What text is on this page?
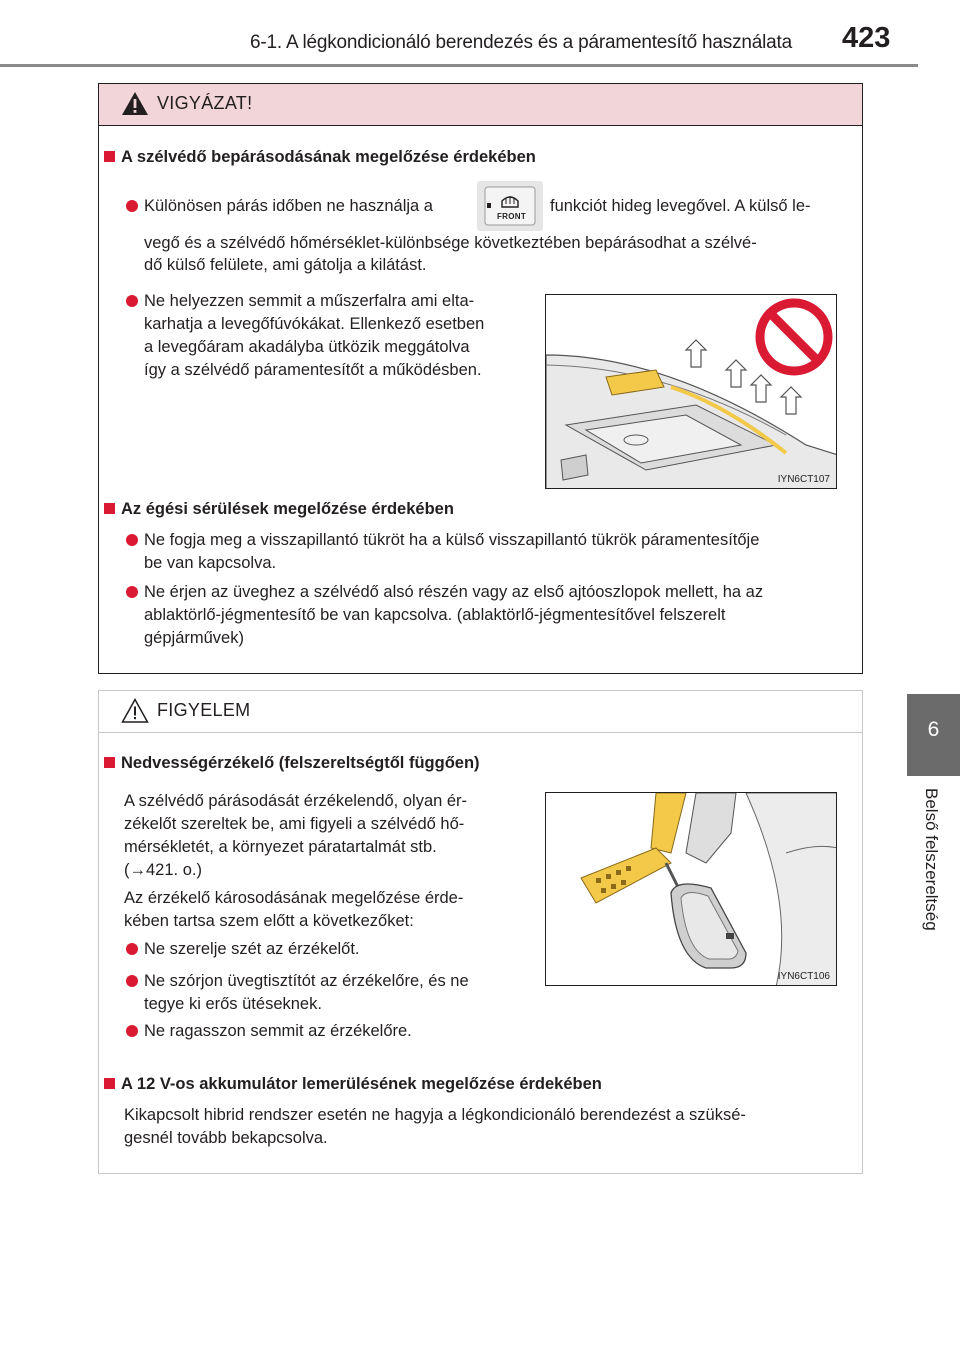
6-1. A légkondicionáló berendezés és a páramentesítő használata 423
6
Belső felszereltség
VIGYÁZAT!
A szélvédő bepárásodásának megelőzése érdekében
Különösen párás időben ne használja a
FRONT
funkciót hideg levegővel. A külső le-
vegő és a szélvédő hőmérséklet-különbsége következtében bepárásodhat a szélvé-
dő külső felülete, ami gátolja a kilátást.
Ne helyezzen semmit a műszerfalra ami elta-
karhatja a levegőfúvókákat. Ellenkező esetben
a levegőáram akadályba ütközik meggátolva
így a szélvédő páramentesítőt a működésben.
IYN6CT107
Az égési sérülések megelőzése érdekében
Ne fogja meg a visszapillantó tükröt ha a külső visszapillantó tükrök páramentesítője
be van kapcsolva.
Ne érjen az üveghez a szélvédő alsó részén vagy az első ajtóoszlopok mellett, ha az
ablaktörlő-jégmentesítő be van kapcsolva. (ablaktörlő-jégmentesítővel felszerelt
gépjárművek)
FIGYELEM
Nedvességérzékelő (felszereltségtől függően)
A szélvédő párásodását érzékelendő, olyan ér-
zékelőt szereltek be, ami figyeli a szélvédő hő-
mérsékletét, a környezet páratartalmát stb.
(→421. o.)
Az érzékelő károsodásának megelőzése érde-
kében tartsa szem előtt a következőket:
Ne szerelje szét az érzékelőt.
Ne szórjon üvegtisztítót az érzékelőre, és ne
tegye ki erős ütéseknek.
Ne ragasszon semmit az érzékelőre.
IYN6CT106
A 12 V-os akkumulátor lemerülésének megelőzése érdekében
Kikapcsolt hibrid rendszer esetén ne hagyja a légkondicionáló berendezést a szüksé-
gesnél tovább bekapcsolva.
